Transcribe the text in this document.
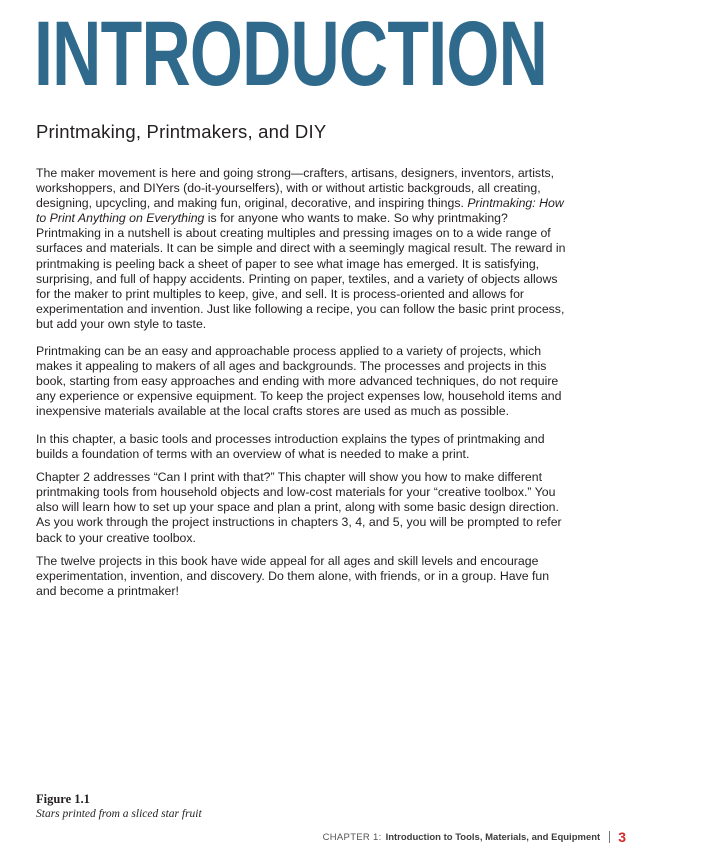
INTRODUCTION
Printmaking, Printmakers, and DIY

The maker movement is here and going strong—crafters, artisans, designers, inventors, artists, workshoppers, and DIYers (do-it-yourselfers), with or without artistic backgrouds, all creating, designing, upcycling, and making fun, original, decorative, and inspiring things. Printmaking: How to Print Anything on Everything is for anyone who wants to make. So why printmaking? Printmaking in a nutshell is about creating multiples and pressing images on to a wide range of surfaces and materials. It can be simple and direct with a seemingly magical result. The reward in printmaking is peeling back a sheet of paper to see what image has emerged. It is satisfying, surprising, and full of happy accidents. Printing on paper, textiles, and a variety of objects allows for the maker to print multiples to keep, give, and sell. It is process-oriented and allows for experimentation and invention. Just like following a recipe, you can follow the basic print process, but add your own style to taste.

Printmaking can be an easy and approachable process applied to a variety of projects, which makes it appealing to makers of all ages and backgrounds. The processes and projects in this book, starting from easy approaches and ending with more advanced techniques, do not require any experience or expensive equipment. To keep the project expenses low, household items and inexpensive materials available at the local crafts stores are used as much as possible.

In this chapter, a basic tools and processes introduction explains the types of printmaking and builds a foundation of terms with an overview of what is needed to make a print.

Chapter 2 addresses “Can I print with that?” This chapter will show you how to make different printmaking tools from household objects and low-cost materials for your “creative toolbox.” You also will learn how to set up your space and plan a print, along with some basic design direction. As you work through the project instructions in chapters 3, 4, and 5, you will be prompted to refer back to your creative toolbox.

The twelve projects in this book have wide appeal for all ages and skill levels and encourage experimentation, invention, and discovery. Do them alone, with friends, or in a group. Have fun and become a printmaker!

Figure 1.1
Stars printed from a sliced star fruit
CHAPTER 1: Introduction to Tools, Materials, and Equipment 3
